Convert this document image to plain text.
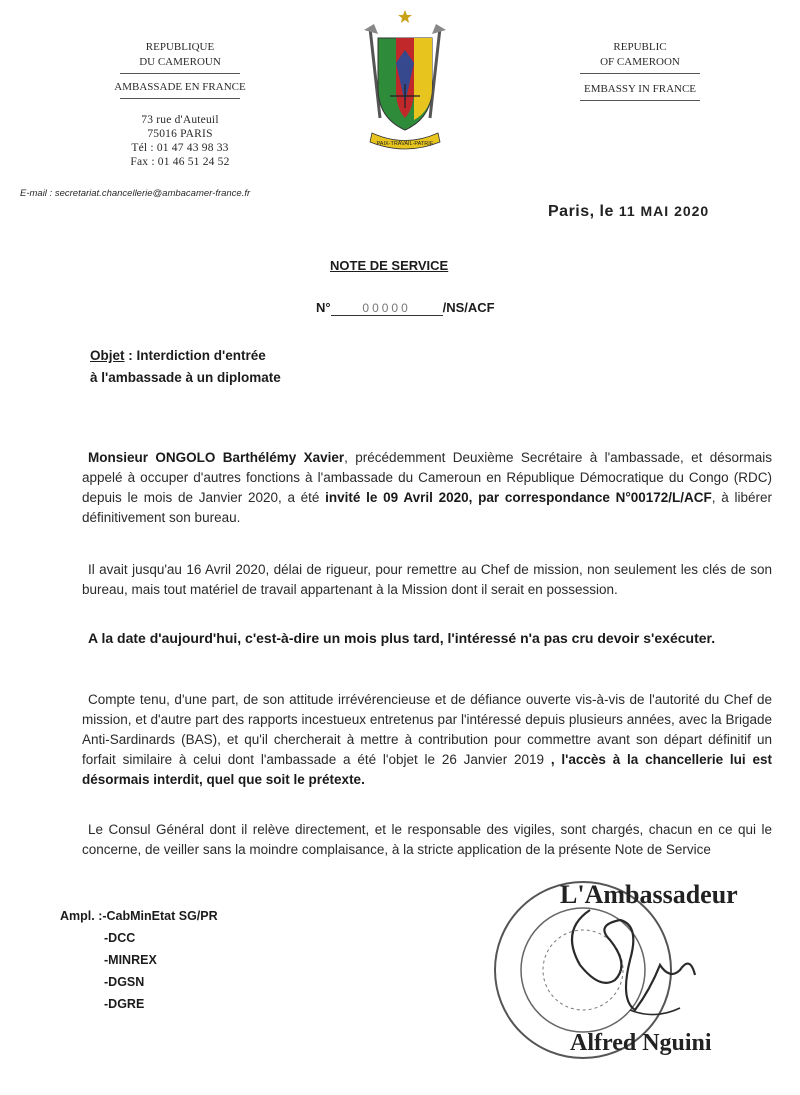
REPUBLIQUE
DU CAMEROUN
AMBASSADE EN FRANCE
73 rue d'Auteuil
75016 PARIS
Tél : 01 47 43 98 33
Fax : 01 46 51 24 52
E-mail : secretariat.chancellerie@ambacamer-france.fr
PAIX-TRAVAIL-PATRIE
REPUBLIC
OF CAMEROON
EMBASSY IN FRANCE
Paris, le 11 MAI 2020
NOTE DE SERVICE
N°	00000 /NS/ACF
Objet : Interdiction d'entrée
à l'ambassade à un diplomate
Monsieur ONGOLO Barthélémy Xavier, précédemment Deuxième Secrétaire à l'ambassade, et désormais appelé à occuper d'autres fonctions à l'ambassade du Cameroun en République Démocratique du Congo (RDC) depuis le mois de Janvier 2020, a été invité le 09 Avril 2020, par correspondance N°00172/L/ACF, à libérer définitivement son bureau.
Il avait jusqu'au 16 Avril 2020, délai de rigueur, pour remettre au Chef de mission, non seulement les clés de son bureau, mais tout matériel de travail appartenant à la Mission dont il serait en possession.
A la date d'aujourd'hui, c'est-à-dire un mois plus tard, l'intéressé n'a pas cru devoir s'exécuter.
Compte tenu, d'une part, de son attitude irrévérencieuse et de défiance ouverte vis-à-vis de l'autorité du Chef de mission, et d'autre part des rapports incestueux entretenus par l'intéressé depuis plusieurs années, avec la Brigade Anti-Sardinards (BAS), et qu'il chercherait à mettre à contribution pour commettre avant son départ définitif un forfait similaire à celui dont l'ambassade a été l'objet le 26 Janvier 2019 , l'accès à la chancellerie lui est désormais interdit, quel que soit le prétexte.
Le Consul Général dont il relève directement, et le responsable des vigiles, sont chargés, chacun en ce qui le concerne, de veiller sans la moindre complaisance, à la stricte application de la présente Note de Service
Ampl. :-CabMinEtat SG/PR
-DCC
-MINREX
-DGSN
-DGRE
L'Ambassadeur
Alfred Nguini
